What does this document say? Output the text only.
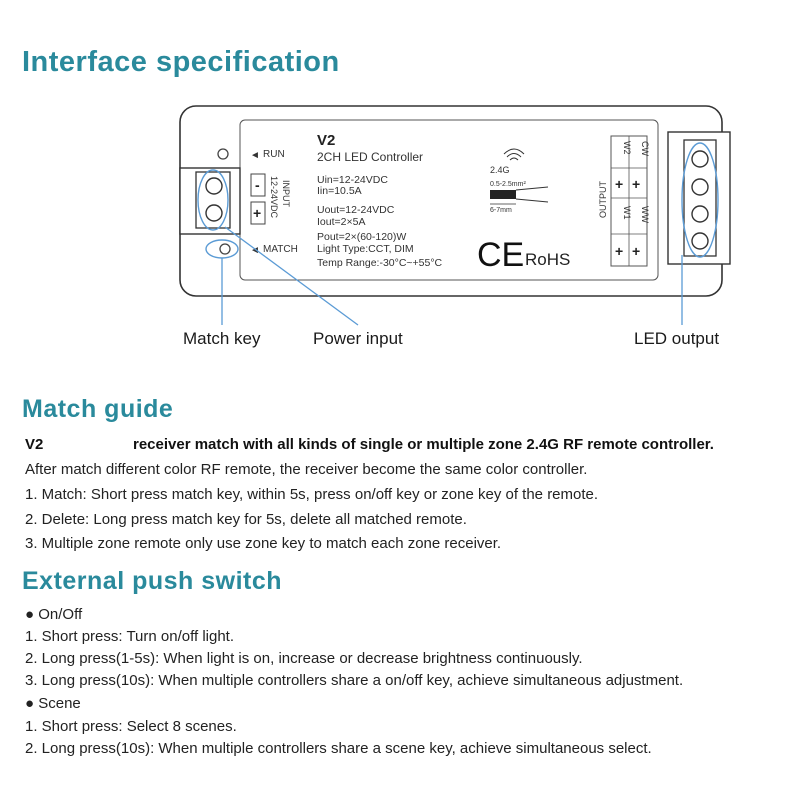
Interface specification
◄ RUN
-
+
INPUT
12-24VDC
◄ MATCH
V2
2CH LED Controller
Uin=12-24VDC
Iin=10.5A
Uout=12-24VDC
Iout=2×5A
Pout=2×(60-120)W
Light Type:CCT, DIM
Temp Range:-30°C~+55°C
2.4G
0.5-2.5mm²
6-7mm
CE RoHS
W2 CW
+ +
W1 WW
+ +
OUTPUT
Match key	Power input	LED output
Match guide
V2	receiver match with all kinds of single or multiple zone 2.4G RF remote controller.
After match different color RF remote, the receiver become the same color controller.
1. Match: Short press match key, within 5s, press on/off key or zone key of the remote.
2. Delete: Long press match key for 5s, delete all matched remote.
3. Multiple zone remote only use zone key to match each zone receiver.
External push switch
● On/Off
1. Short press: Turn on/off light.
2. Long press(1-5s): When light is on, increase or decrease brightness continuously.
3. Long press(10s): When multiple controllers share a on/off key, achieve simultaneous adjustment.
● Scene
1. Short press: Select 8 scenes.
2. Long press(10s): When multiple controllers share a scene key, achieve simultaneous select.
